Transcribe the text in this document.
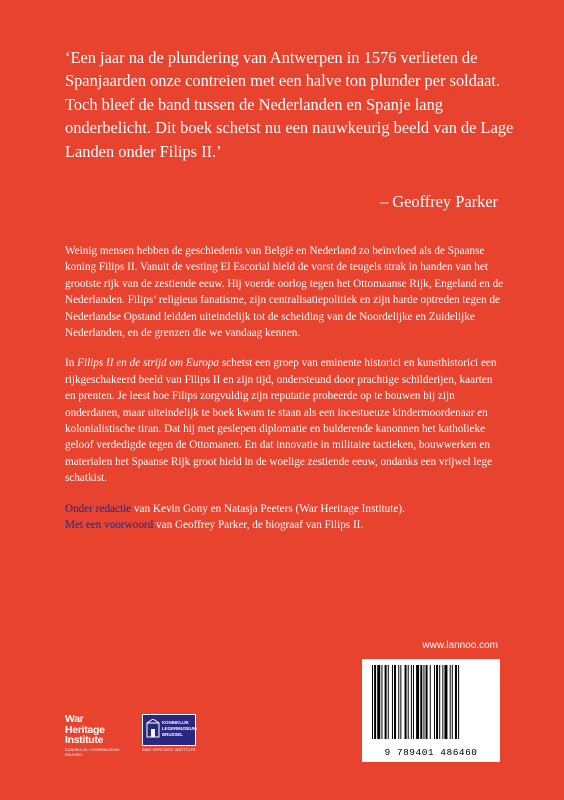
‘Een jaar na de plundering van Antwerpen in 1576 verlieten de Spanjaarden onze contreien met een halve ton plunder per soldaat. Toch bleef de band tussen de Nederlanden en Spanje lang onderbelicht. Dit boek schetst nu een nauwkeurig beeld van de Lage Landen onder Filips II.’

– Geoffrey Parker

Weinig mensen hebben de geschiedenis van België en Nederland zo beïnvloed als de Spaanse koning Filips II. Vanuit de vesting El Escorial hield de vorst de teugels strak in handen van het grootste rijk van de zestiende eeuw. Hij voerde oorlog tegen het Ottomaanse Rijk, Engeland en de Nederlanden. Filips’ religieus fanatisme, zijn centralisatiepolitiek en zijn harde optreden tegen de Nederlandse Opstand leidden uiteindelijk tot de scheiding van de Noordelijke en Zuidelijke Nederlanden, en de grenzen die we vandaag kennen.

In Filips II en de strijd om Europa schetst een groep van eminente historici en kunsthistorici een rijkgeschakeerd beeld van Filips II en zijn tijd, ondersteund door prachtige schilderijen, kaarten en prenten. Je leest hoe Filips zorgvuldig zijn reputatie probeerde op te bouwen bij zijn onderdanen, maar uiteindelijk te boek kwam te staan als een incestueuze kindermoordenaar en kolonialistische tiran. Dat hij met geslepen diplomatie en bulderende kanonnen het katholieke geloof verdedigde tegen de Ottomanen. En dat innovatie in militaire tactieken, bouwwerken en materialen het Spaanse Rijk groot hield in de woelige zestiende eeuw, ondanks een vrijwel lege schatkist.

Onder redactie van Kevin Gony en Natasja Peeters (War Heritage Institute).
Met een voorwoord van Geoffrey Parker, de biograaf van Filips II.

www.lannoo.com
9 789401 486460
War
Heritage
Institute
KONINKLIJK LEGERMUSEUM BRUSSEL
KONINKLIJK
LEGERMUSEUM
BRUSSEL
WAR HERITAGE INSTITUTE
